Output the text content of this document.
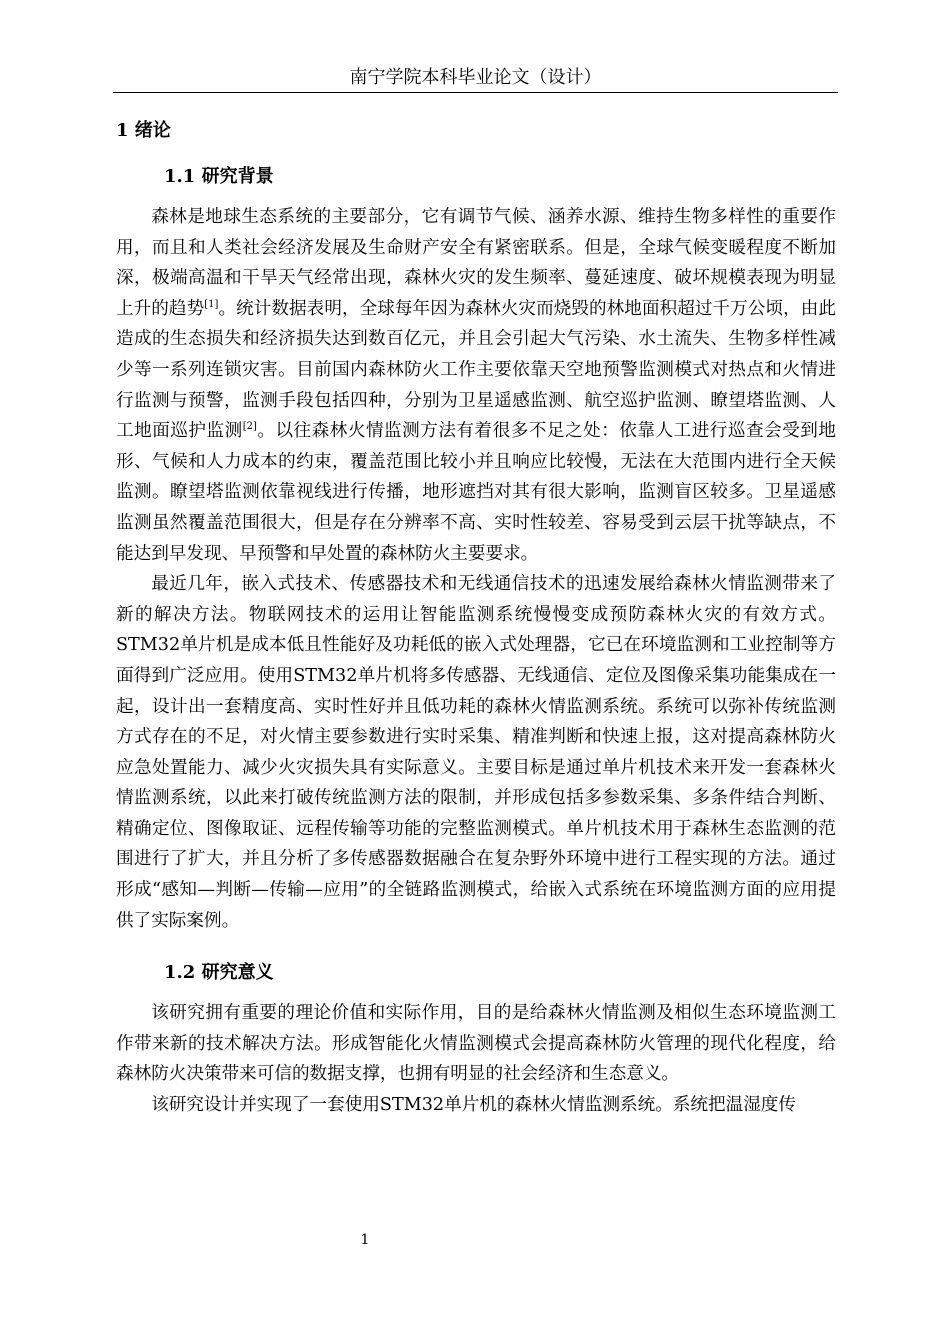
南宁学院本科毕业论文（设计）
1 绪论
1.1 研究背景

森林是地球生态系统的主要部分，它有调节气候、涵养水源、维持生物多样性的重要作用，而且和人类社会经济发展及生命财产安全有紧密联系。但是，全球气候变暖程度不断加深，极端高温和干旱天气经常出现，森林火灾的发生频率、蔓延速度、破坏规模表现为明显上升的趋势[1]。统计数据表明，全球每年因为森林火灾而烧毁的林地面积超过千万公顷，由此造成的生态损失和经济损失达到数百亿元，并且会引起大气污染、水土流失、生物多样性减少等一系列连锁灾害。目前国内森林防火工作主要依靠天空地预警监测模式对热点和火情进行监测与预警，监测手段包括四种，分别为卫星遥感监测、航空巡护监测、瞭望塔监测、人工地面巡护监测[2]。以往森林火情监测方法有着很多不足之处：依靠人工进行巡查会受到地形、气候和人力成本的约束，覆盖范围比较小并且响应比较慢，无法在大范围内进行全天候监测。瞭望塔监测依靠视线进行传播，地形遮挡对其有很大影响，监测盲区较多。卫星遥感监测虽然覆盖范围很大，但是存在分辨率不高、实时性较差、容易受到云层干扰等缺点，不能达到早发现、早预警和早处置的森林防火主要要求。

最近几年，嵌入式技术、传感器技术和无线通信技术的迅速发展给森林火情监测带来了新的解决方法。物联网技术的运用让智能监测系统慢慢变成预防森林火灾的有效方式。STM32单片机是成本低且性能好及功耗低的嵌入式处理器，它已在环境监测和工业控制等方面得到广泛应用。使用STM32单片机将多传感器、无线通信、定位及图像采集功能集成在一起，设计出一套精度高、实时性好并且低功耗的森林火情监测系统。系统可以弥补传统监测方式存在的不足，对火情主要参数进行实时采集、精准判断和快速上报，这对提高森林防火应急处置能力、减少火灾损失具有实际意义。主要目标是通过单片机技术来开发一套森林火情监测系统，以此来打破传统监测方法的限制，并形成包括多参数采集、多条件结合判断、精确定位、图像取证、远程传输等功能的完整监测模式。单片机技术用于森林生态监测的范围进行了扩大，并且分析了多传感器数据融合在复杂野外环境中进行工程实现的方法。通过形成“感知—判断—传输—应用”的全链路监测模式，给嵌入式系统在环境监测方面的应用提供了实际案例。

1.2 研究意义

该研究拥有重要的理论价值和实际作用，目的是给森林火情监测及相似生态环境监测工作带来新的技术解决方法。形成智能化火情监测模式会提高森林防火管理的现代化程度，给森林防火决策带来可信的数据支撑，也拥有明显的社会经济和生态意义。

该研究设计并实现了一套使用STM32单片机的森林火情监测系统。系统把温湿度传

1
